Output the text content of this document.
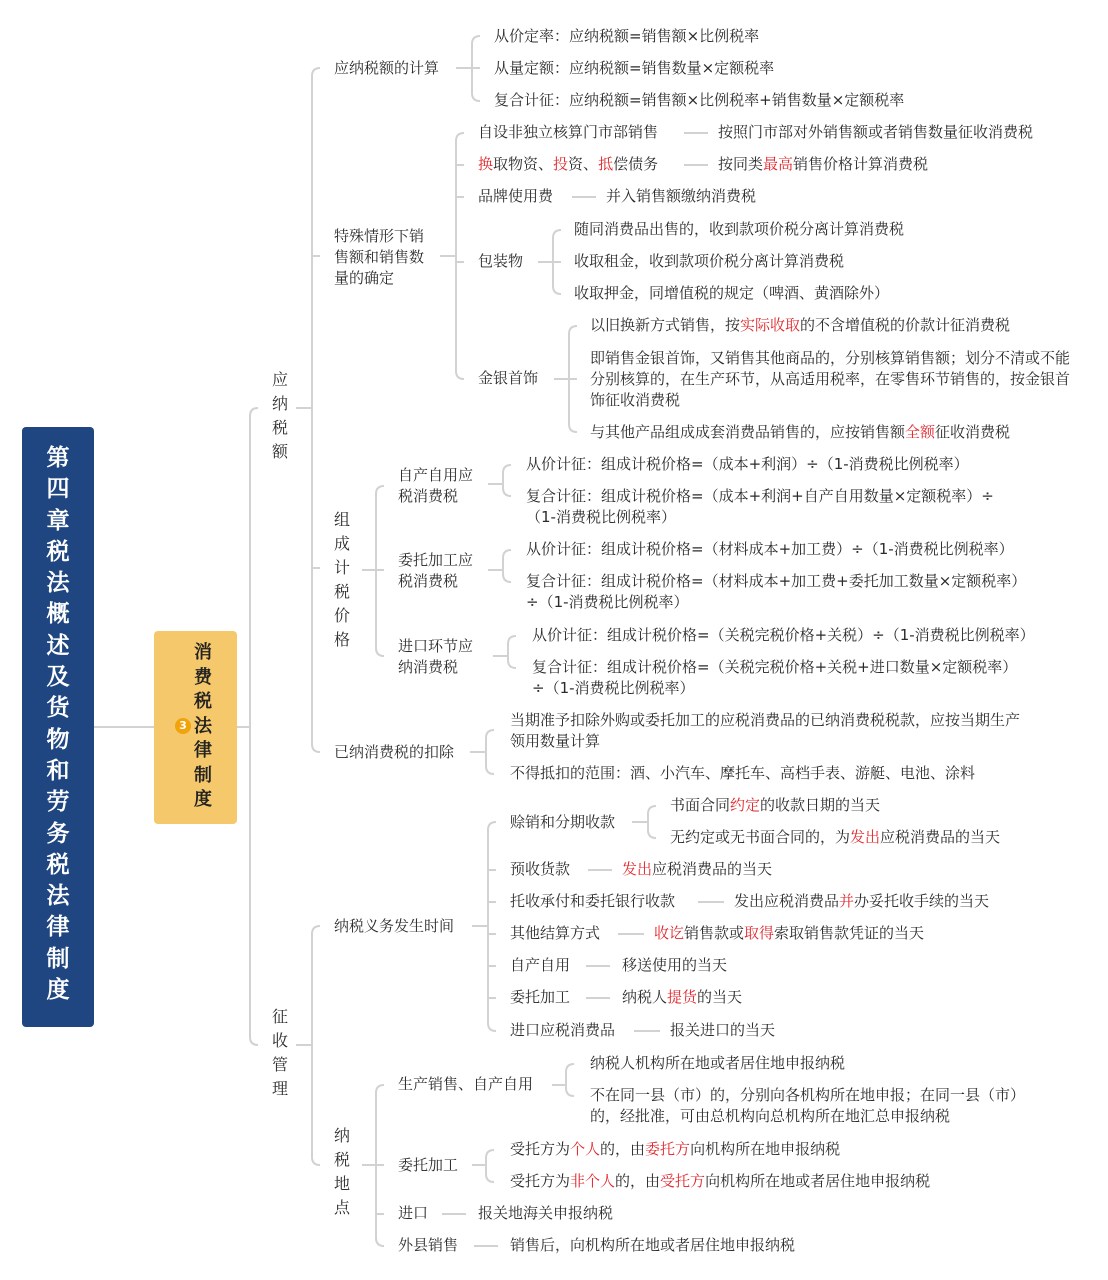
第四章税法概述及货物和劳务税法律制度
3
消费税法律制度
应纳税额
征收管理
应纳税额的计算
从价定率：应纳税额=销售额×比例税率
从量定额：应纳税额=销售数量×定额税率
复合计征：应纳税额=销售额×比例税率+销售数量×定额税率
特殊情形下销售额和销售数量的确定
自设非独立核算门市部销售	按照门市部对外销售额或者销售数量征收消费税
换取物资、投资、抵偿债务	按同类最高销售价格计算消费税
品牌使用费	并入销售额缴纳消费税
包装物
随同消费品出售的，收到款项价税分离计算消费税
收取租金，收到款项价税分离计算消费税
收取押金，同增值税的规定（啤酒、黄酒除外）
金银首饰
以旧换新方式销售，按实际收取的不含增值税的价款计征消费税
即销售金银首饰，又销售其他商品的，分别核算销售额；划分不清或不能分别核算的，在生产环节，从高适用税率，在零售环节销售的，按金银首饰征收消费税
与其他产品组成成套消费品销售的，应按销售额全额征收消费税
组成计税价格
自产自用应税消费税
从价计征：组成计税价格=（成本+利润）÷（1-消费税比例税率）
复合计征：组成计税价格=（成本+利润+自产自用数量×定额税率）÷（1-消费税比例税率）
委托加工应税消费税
从价计征：组成计税价格=（材料成本+加工费）÷（1-消费税比例税率）
复合计征：组成计税价格=（材料成本+加工费+委托加工数量×定额税率）÷（1-消费税比例税率）
进口环节应纳消费税
从价计征：组成计税价格=（关税完税价格+关税）÷（1-消费税比例税率）
复合计征：组成计税价格=（关税完税价格+关税+进口数量×定额税率）÷（1-消费税比例税率）
已纳消费税的扣除
当期准予扣除外购或委托加工的应税消费品的已纳消费税税款，应按当期生产领用数量计算
不得抵扣的范围：酒、小汽车、摩托车、高档手表、游艇、电池、涂料
纳税义务发生时间
赊销和分期收款
书面合同约定的收款日期的当天
无约定或无书面合同的，为发出应税消费品的当天
预收货款	发出应税消费品的当天
托收承付和委托银行收款	发出应税消费品并办妥托收手续的当天
其他结算方式	收讫销售款或取得索取销售款凭证的当天
自产自用	移送使用的当天
委托加工	纳税人提货的当天
进口应税消费品	报关进口的当天
纳税地点
生产销售、自产自用
纳税人机构所在地或者居住地申报纳税
不在同一县（市）的，分别向各机构所在地申报；在同一县（市）的，经批准，可由总机构向总机构所在地汇总申报纳税
委托加工
受托方为个人的，由委托方向机构所在地申报纳税
受托方为非个人的，由受托方向机构所在地或者居住地申报纳税
进口	报关地海关申报纳税
外县销售	销售后，向机构所在地或者居住地申报纳税
